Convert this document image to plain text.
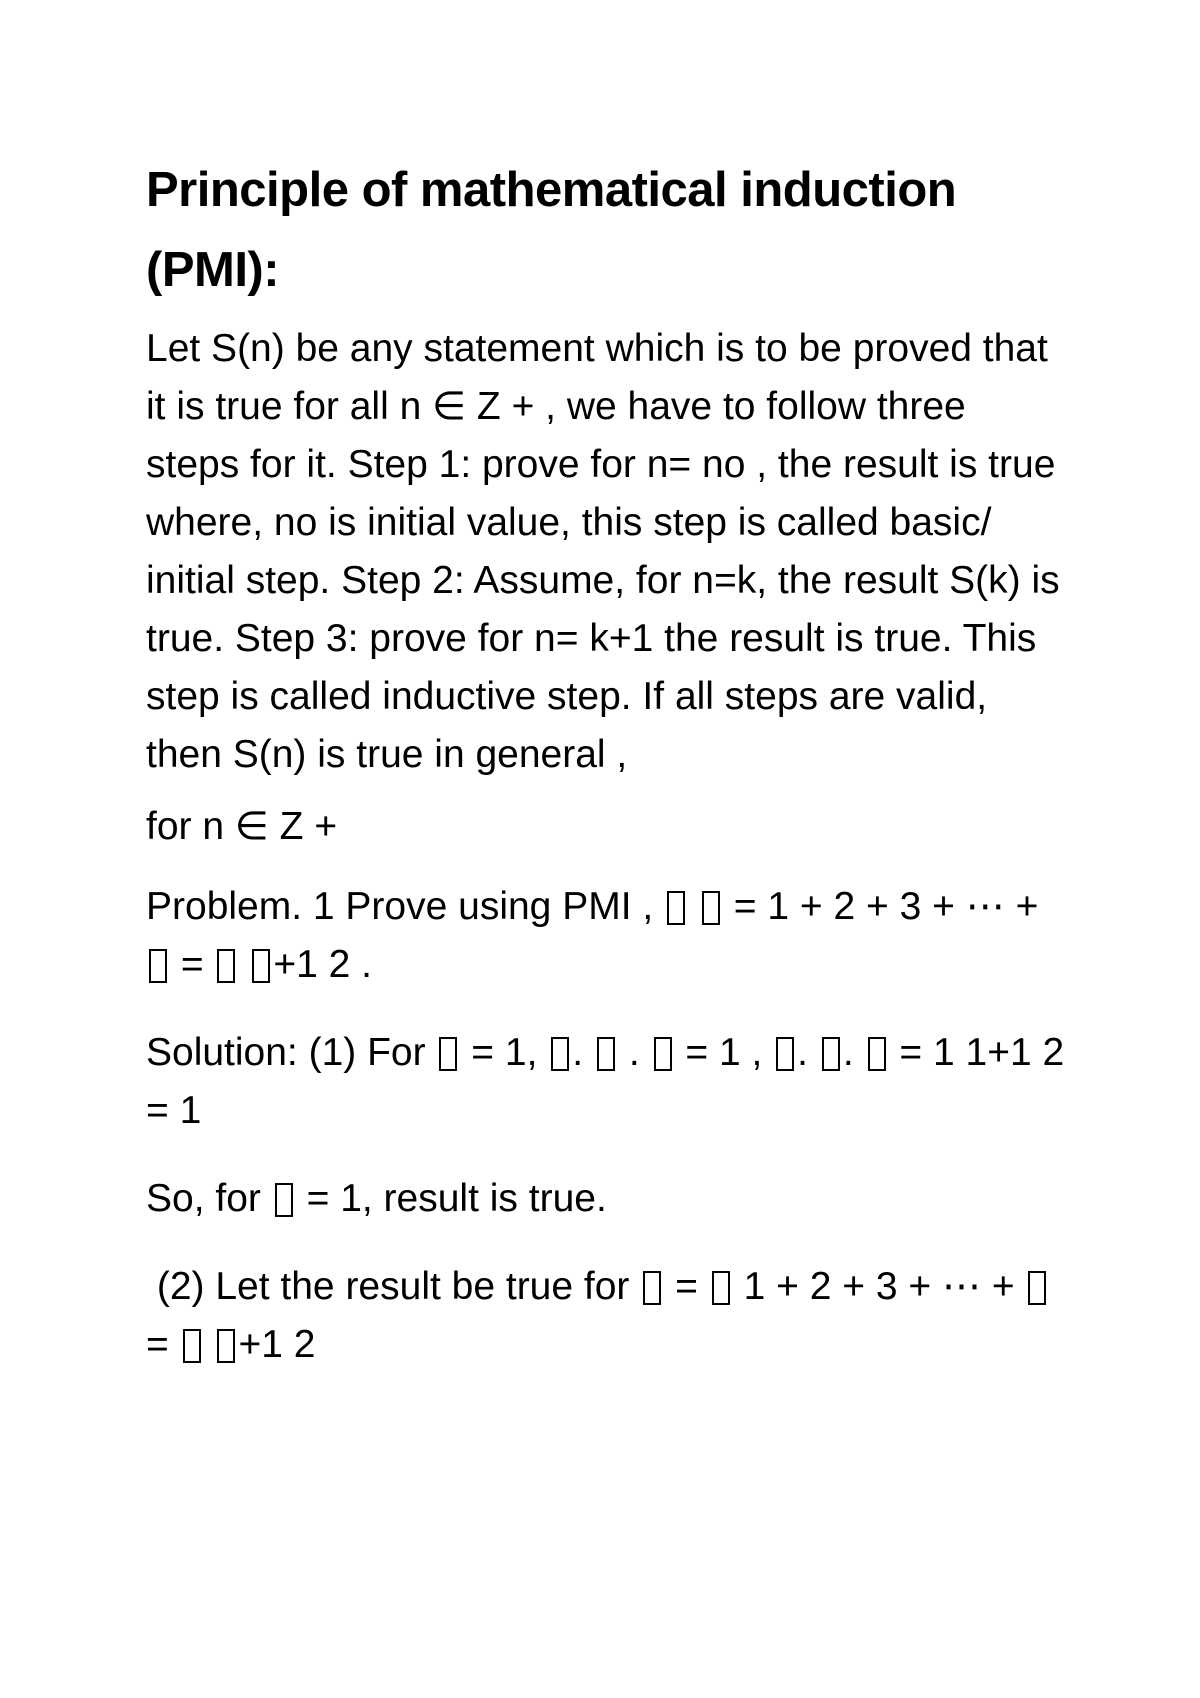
Principle of mathematical induction (PMI):

Let S(n) be any statement which is to be proved that it is true for all n ∈ Z + , we have to follow three steps for it. Step 1: prove for n= no , the result is true where, no is initial value, this step is called basic/ initial step. Step 2: Assume, for n=k, the result S(k) is true. Step 3: prove for n= k+1 the result is true. This step is called inductive step. If all steps are valid, then S(n) is true in general ,

for n ∈ Z +

Problem. 1 Prove using PMI , = 1 + 2 + 3 + ⋯ +  = +1 2 .

Solution: (1) For = 1, . . = 1 , . . = 1 1+1 2 = 1

So, for = 1, result is true.

(2) Let the result be true for = 1 + 2 + 3 + ⋯ +  = +1 2
